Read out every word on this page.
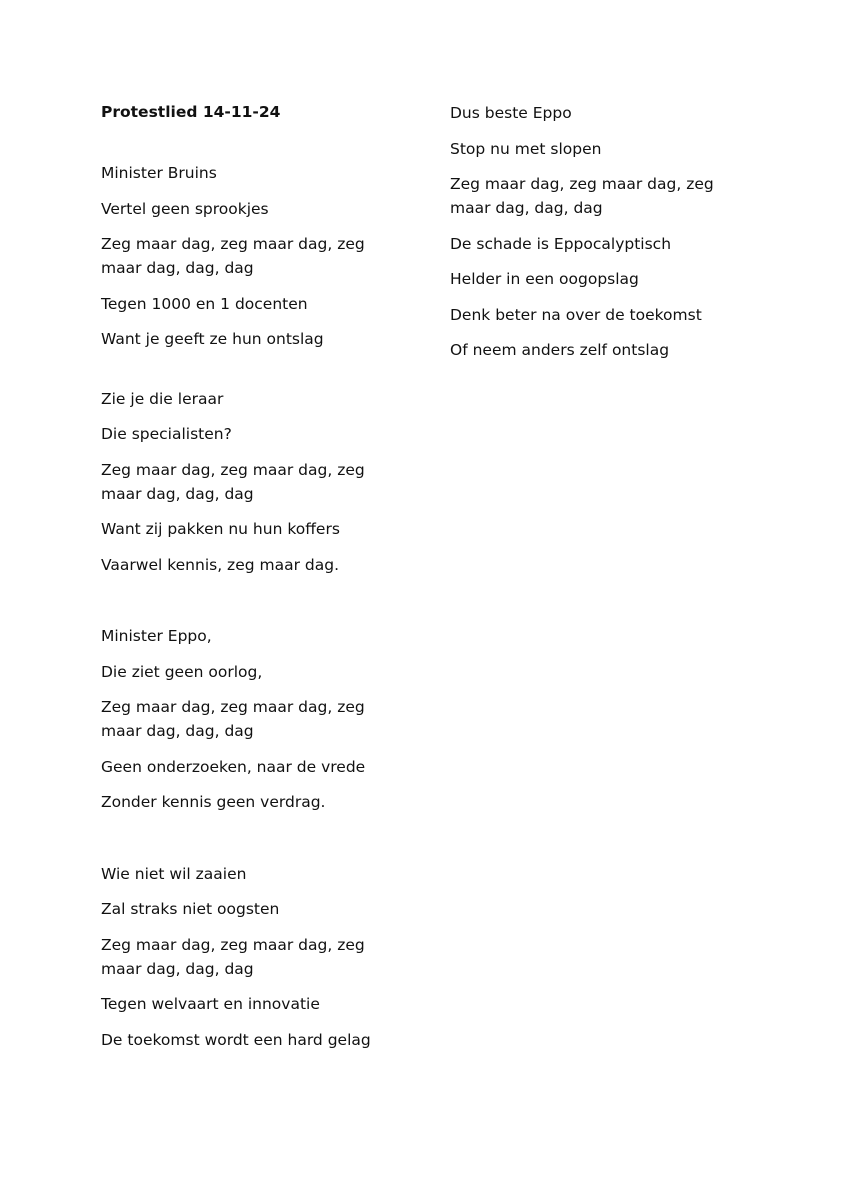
Protestlied 14-11-24

Minister Bruins

Vertel geen sprookjes

Zeg maar dag, zeg maar dag, zeg maar dag, dag, dag

Tegen 1000 en 1 docenten

Want je geeft ze hun ontslag

Zie je die leraar

Die specialisten?

Zeg maar dag, zeg maar dag, zeg maar dag, dag, dag

Want zij pakken nu hun koffers

Vaarwel kennis, zeg maar dag.

Minister Eppo,

Die ziet geen oorlog,

Zeg maar dag, zeg maar dag, zeg maar dag, dag, dag

Geen onderzoeken, naar de vrede

Zonder kennis geen verdrag.

Wie niet wil zaaien

Zal straks niet oogsten

Zeg maar dag, zeg maar dag, zeg maar dag, dag, dag

Tegen welvaart en innovatie

De toekomst wordt een hard gelag

Dus beste Eppo

Stop nu met slopen

Zeg maar dag, zeg maar dag, zeg maar dag, dag, dag

De schade is Eppocalyptisch

Helder in een oogopslag

Denk beter na over de toekomst

Of neem anders zelf ontslag
